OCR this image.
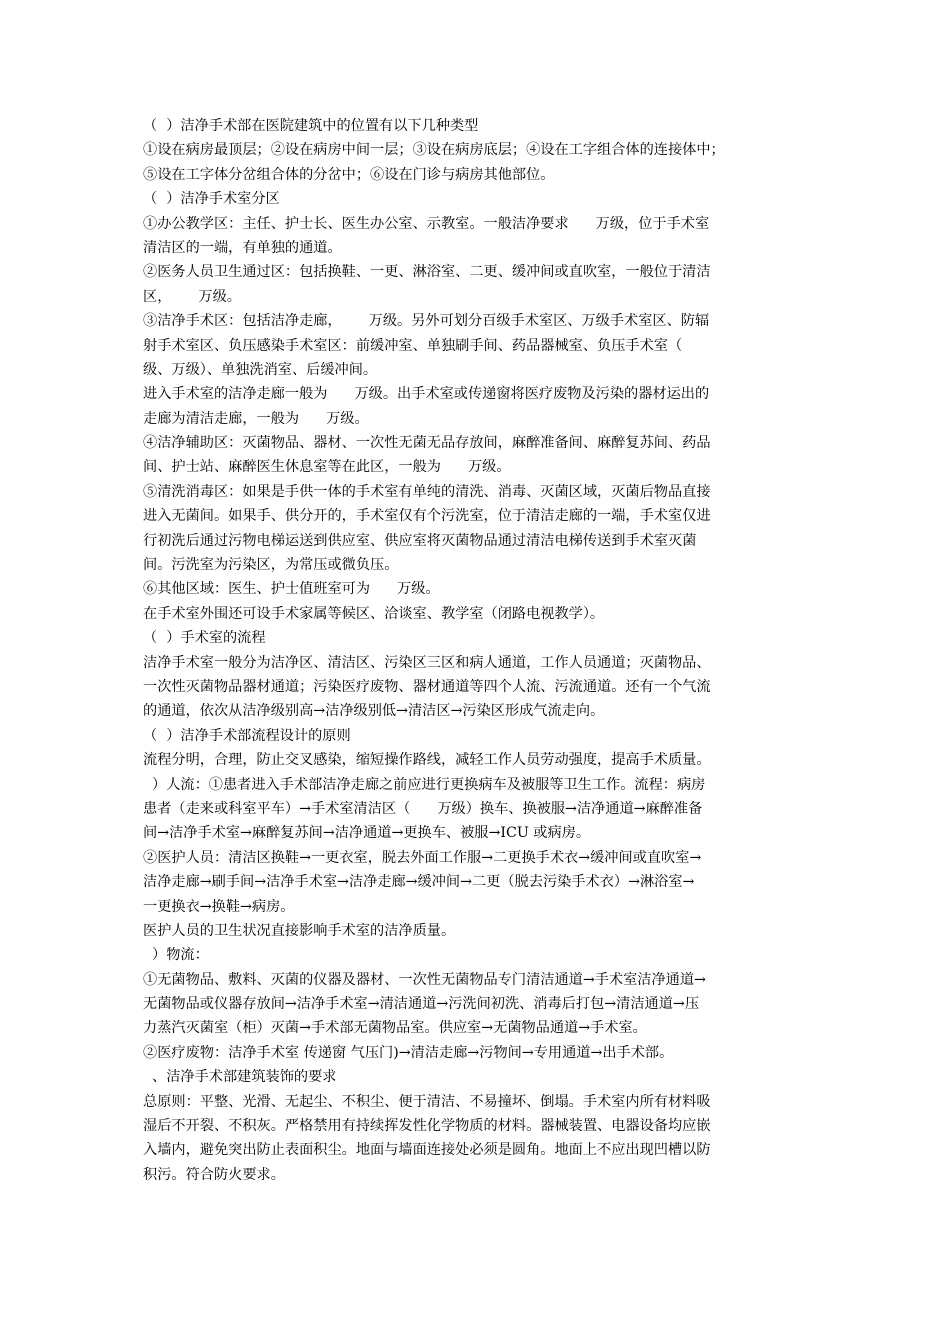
（  ）洁净手术部在医院建筑中的位置有以下几种类型
①设在病房最顶层；②设在病房中间一层；③设在病房底层；④设在工字组合体的连接体中；
⑤设在工字体分岔组合体的分岔中；⑥设在门诊与病房其他部位。
（  ）洁净手术室分区
①办公教学区：主任、护士长、医生办公室、示教室。一般洁净要求      万级，位于手术室
清洁区的一端，有单独的通道。
②医务人员卫生通过区：包括换鞋、一更、淋浴室、二更、缓冲间或直吹室，一般位于清洁
区，      万级。
③洁净手术区：包括洁净走廊，      万级。另外可划分百级手术室区、万级手术室区、防辐
射手术室区、负压感染手术室区：前缓冲室、单独刷手间、药品器械室、负压手术室（
级、万级）、单独洗消室、后缓冲间。
进入手术室的洁净走廊一般为      万级。出手术室或传递窗将医疗废物及污染的器材运出的
走廊为清洁走廊，一般为      万级。
④洁净辅助区：灭菌物品、器材、一次性无菌无品存放间，麻醉准备间、麻醉复苏间、药品
间、护士站、麻醉医生休息室等在此区，一般为      万级。
⑤清洗消毒区：如果是手供一体的手术室有单纯的清洗、消毒、灭菌区域，灭菌后物品直接
进入无菌间。如果手、供分开的，手术室仅有个污洗室，位于清洁走廊的一端，手术室仅进
行初洗后通过污物电梯运送到供应室、供应室将灭菌物品通过清洁电梯传送到手术室灭菌
间。污洗室为污染区，为常压或微负压。
⑥其他区域：医生、护士值班室可为      万级。
在手术室外围还可设手术家属等候区、洽谈室、教学室（闭路电视教学）。
（  ）手术室的流程
洁净手术室一般分为洁净区、清洁区、污染区三区和病人通道，工作人员通道；灭菌物品、
一次性灭菌物品器材通道；污染医疗废物、器材通道等四个人流、污流通道。还有一个气流
的通道，依次从洁净级别高→洁净级别低→清洁区→污染区形成气流走向。
（  ）洁净手术部流程设计的原则
流程分明，合理，防止交叉感染，缩短操作路线，减轻工作人员劳动强度，提高手术质量。
）人流：①患者进入手术部洁净走廊之前应进行更换病车及被服等卫生工作。流程：病房
患者（走来或科室平车）→手术室清洁区（      万级）换车、换被服→洁净通道→麻醉准备
间→洁净手术室→麻醉复苏间→洁净通道→更换车、被服→ICU 或病房。
②医护人员：清洁区换鞋→一更衣室，脱去外面工作服→二更换手术衣→缓冲间或直吹室→
洁净走廊→刷手间→洁净手术室→洁净走廊→缓冲间→二更（脱去污染手术衣）→淋浴室→
一更换衣→换鞋→病房。
医护人员的卫生状况直接影响手术室的洁净质量。
）物流：
①无菌物品、敷料、灭菌的仪器及器材、一次性无菌物品专门清洁通道→手术室洁净通道→
无菌物品或仪器存放间→洁净手术室→清洁通道→污洗间初洗、消毒后打包→清洁通道→压
力蒸汽灭菌室（柜）灭菌→手术部无菌物品室。供应室→无菌物品通道→手术室。
②医疗废物：洁净手术室 传递窗 气压门)→清洁走廊→污物间→专用通道→出手术部。
、洁净手术部建筑装饰的要求
总原则：平整、光滑、无起尘、不积尘、便于清洁、不易撞坏、倒塌。手术室内所有材料吸
湿后不开裂、不积灰。严格禁用有持续挥发性化学物质的材料。器械装置、电器设备均应嵌
入墙内，避免突出防止表面积尘。地面与墙面连接处必须是圆角。地面上不应出现凹槽以防
积污。符合防火要求。
